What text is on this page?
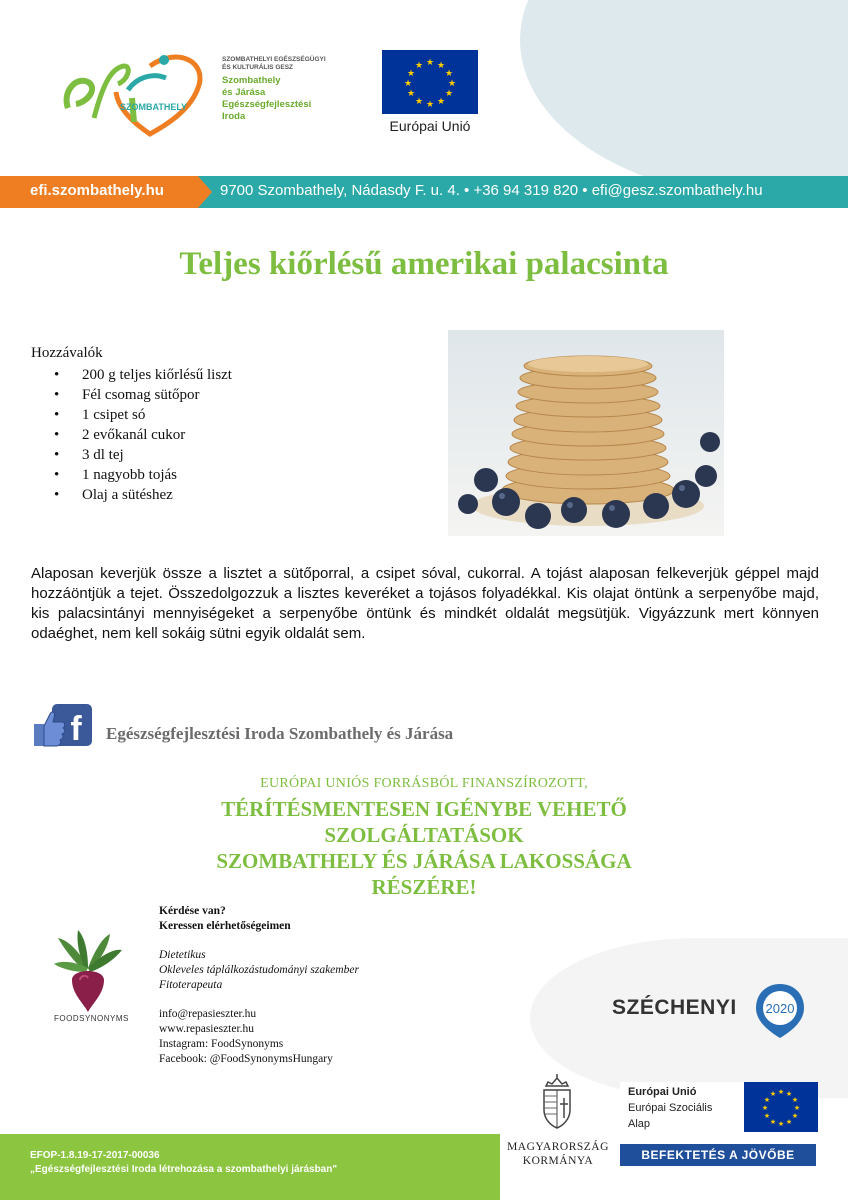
SZOMBATHELY
SZOMBATHELYI EGÉSZSÉGÜGYI
ÉS KULTURÁLIS GESZ
Szombathely
és Járása
Egészségfejlesztési
Iroda
★ ★
★
★
★
★
★
★
★
★
★
★
Európai Unió
efi.szombathely.hu	9700 Szombathely, Nádasdy F. u. 4. • +36 94 319 820 • efi@gesz.szombathely.hu
Teljes kiőrlésű amerikai palacsinta
Hozzávalók
• 200 g teljes kiőrlésű liszt
• Fél csomag sütőpor
• 1 csipet só
• 2 evőkanál cukor
• 3 dl tej
• 1 nagyobb tojás
• Olaj a sütéshez
Alaposan keverjük össze a lisztet a sütőporral, a csipet sóval, cukorral. A tojást alaposan felkeverjük géppel majd hozzáöntjük a tejet. Összedolgozzuk a lisztes keveréket a tojásos folyadékkal. Kis olajat öntünk a serpenyőbe majd, kis palacsintányi mennyiségeket a serpenyőbe öntünk és mindkét oldalát megsütjük. Vigyázzunk mert könnyen odaéghet, nem kell sokáig sütni egyik oldalát sem.
f Egészségfejlesztési Iroda Szombathely és Járása
EURÓPAI UNIÓS FORRÁSBÓL FINANSZÍROZOTT,
TÉRÍTÉSMENTESEN IGÉNYBE VEHETŐ
SZOLGÁLTATÁSOK
SZOMBATHELY ÉS JÁRÁSA LAKOSSÁGA
RÉSZÉRE!
FOODSYNONYMS
Kérdése van?
Keressen elérhetőségeimen
Dietetikus
Okleveles táplálkozástudományi szakember
Fitoterapeuta
info@repasieszter.hu
www.repasieszter.hu
Instagram: FoodSynonyms
Facebook: @FoodSynonymsHungary
SZÉCHENYI 2020
EFOP-1.8.19-17-2017-00036
„Egészségfejlesztési Iroda létrehozása a szombathelyi járásban"
MAGYARORSZÁG
KORMÁNYA
Európai Unió
Európai Szociális
Alap
★ ★
★
★
★
★
★
★
★
★
★
★
BEFEKTETÉS A JÖVŐBE
